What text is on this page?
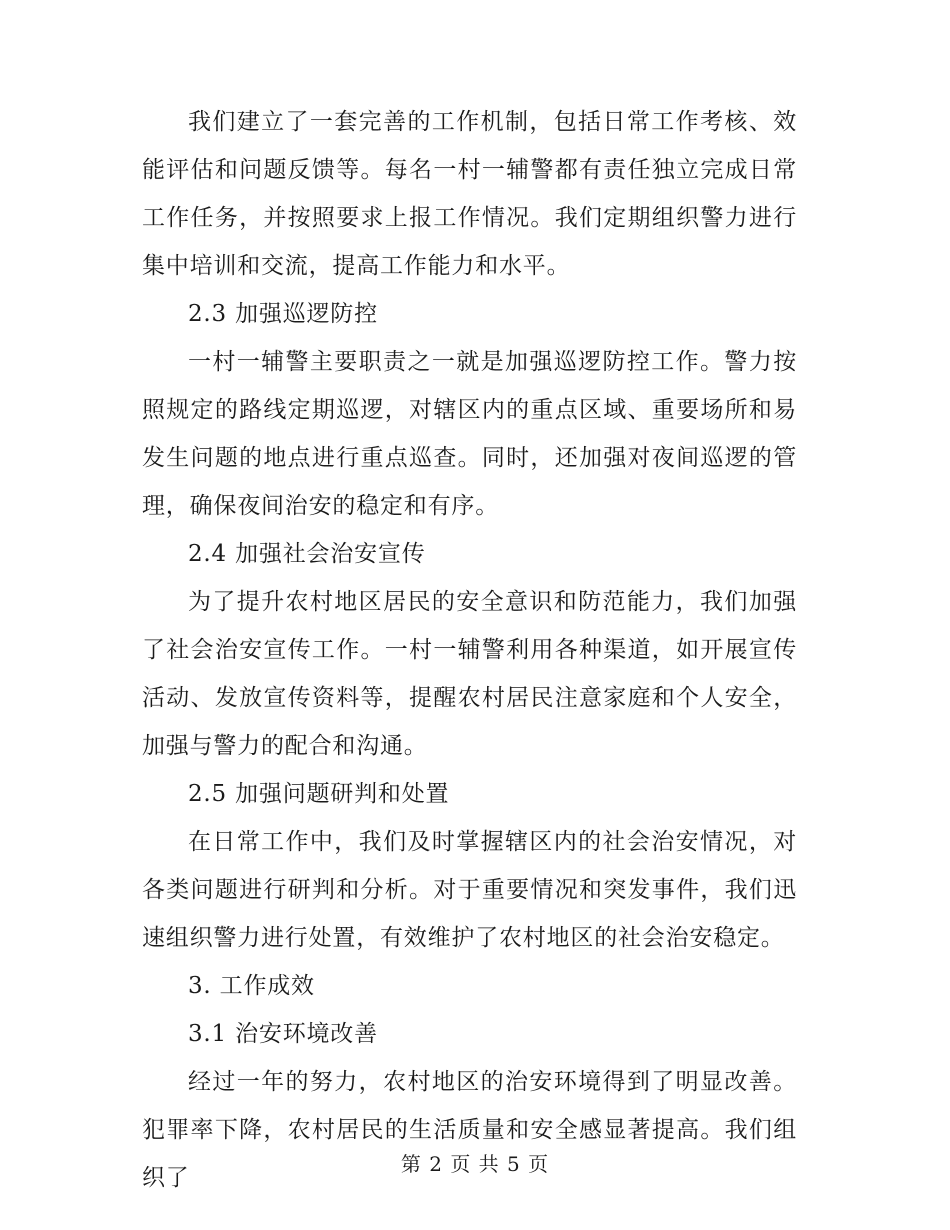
我们建立了一套完善的工作机制，包括日常工作考核、效能评估和问题反馈等。每名一村一辅警都有责任独立完成日常工作任务，并按照要求上报工作情况。我们定期组织警力进行集中培训和交流，提高工作能力和水平。

2.3 加强巡逻防控

一村一辅警主要职责之一就是加强巡逻防控工作。警力按照规定的路线定期巡逻，对辖区内的重点区域、重要场所和易发生问题的地点进行重点巡查。同时，还加强对夜间巡逻的管理，确保夜间治安的稳定和有序。

2.4 加强社会治安宣传

为了提升农村地区居民的安全意识和防范能力，我们加强了社会治安宣传工作。一村一辅警利用各种渠道，如开展宣传活动、发放宣传资料等，提醒农村居民注意家庭和个人安全，加强与警力的配合和沟通。

2.5 加强问题研判和处置

在日常工作中，我们及时掌握辖区内的社会治安情况，对各类问题进行研判和分析。对于重要情况和突发事件，我们迅速组织警力进行处置，有效维护了农村地区的社会治安稳定。

3. 工作成效

3.1 治安环境改善

经过一年的努力，农村地区的治安环境得到了明显改善。犯罪率下降，农村居民的生活质量和安全感显著提高。我们组织了

第 2 页 共 5 页
